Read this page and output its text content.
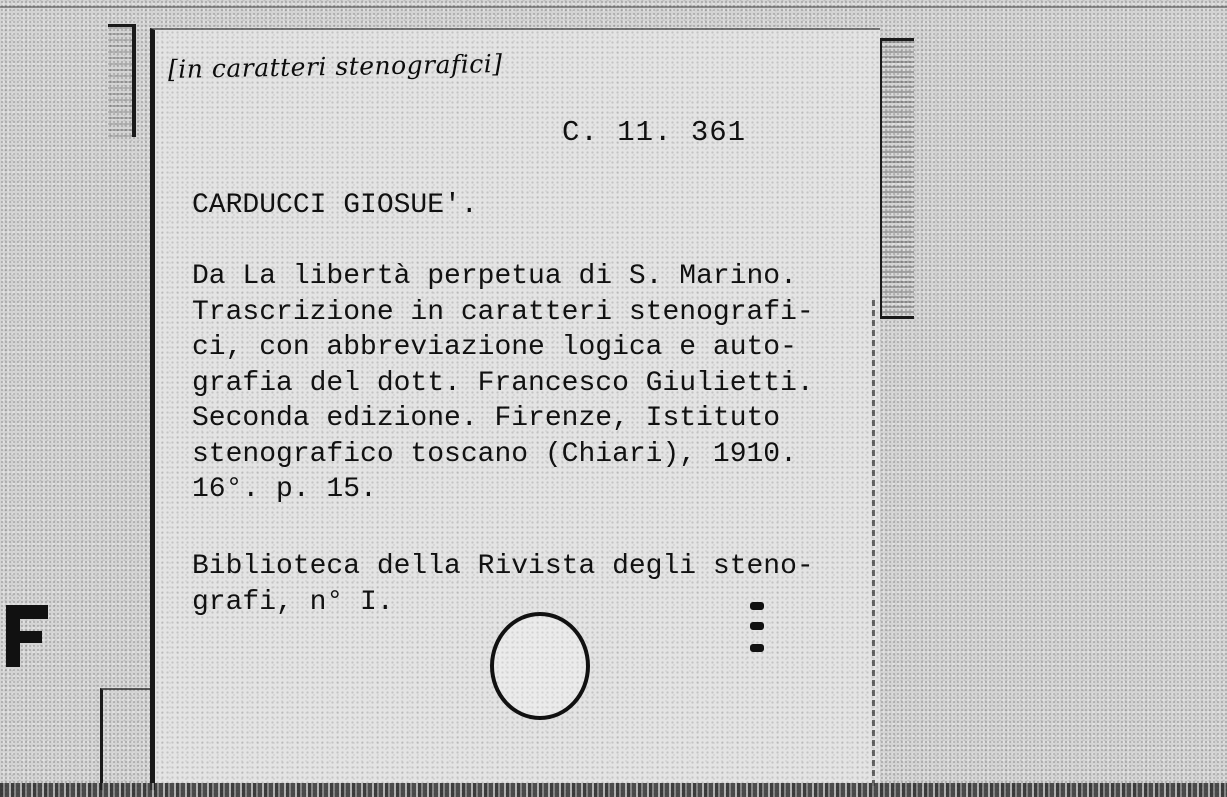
[in caratteri stenografici]
C. 11. 361
CARDUCCI GIOSUE'.
Da La libertà perpetua di S. Marino.
Trascrizione in caratteri stenografi-
ci, con abbreviazione logica e auto-
grafia del dott. Francesco Giulietti.
Seconda edizione. Firenze, Istituto
stenografico toscano (Chiari), 1910.
16°. p. 15.
Biblioteca della Rivista degli steno-
grafi, n° I.
